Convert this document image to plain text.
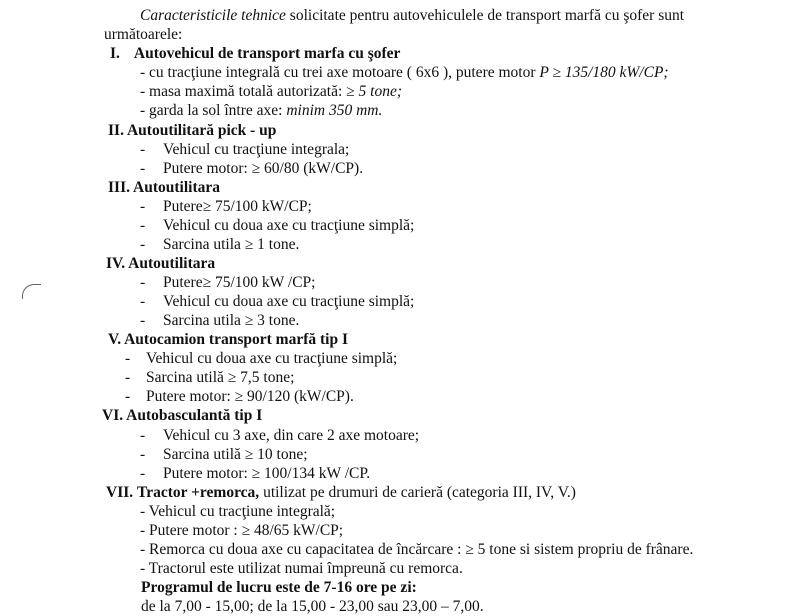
Caracteristicile tehnice solicitate pentru autovehiculele de transport marfă cu şofer sunt
următoarele:
I. Autovehicul de transport marfa cu şofer
- cu tracţiune integrală cu trei axe motoare ( 6x6 ), putere motor P ≥ 135/180 kW/CP;
- masa maximă totală autorizată: ≥ 5 tone;
- garda la sol între axe: minim 350 mm.
II. Autoutilitară pick - up
- Vehicul cu tracţiune integrala;
- Putere motor: ≥ 60/80 (kW/CP).
III. Autoutilitara
- Putere≥ 75/100 kW/CP;
- Vehicul cu doua axe cu tracţiune simplă;
- Sarcina utila ≥ 1 tone.
IV. Autoutilitara
- Putere≥ 75/100 kW /CP;
- Vehicul cu doua axe cu tracţiune simplă;
- Sarcina utila ≥ 3 tone.
V. Autocamion transport marfă tip I
- Vehicul cu doua axe cu tracţiune simplă;
- Sarcina utilă ≥ 7,5 tone;
- Putere motor: ≥ 90/120 (kW/CP).
VI. Autobasculantă tip I
- Vehicul cu 3 axe, din care 2 axe motoare;
- Sarcina utilă ≥ 10 tone;
- Putere motor: ≥ 100/134 kW /CP.
VII. Tractor +remorca, utilizat pe drumuri de carieră (categoria III, IV, V.)
- Vehicul cu tracţiune integrală;
- Putere motor : ≥ 48/65 kW/CP;
- Remorca cu doua axe cu capacitatea de încărcare : ≥ 5 tone si sistem propriu de frânare.
- Tractorul este utilizat numai împreună cu remorca.
Programul de lucru este de 7-16 ore pe zi:
de la 7,00 - 15,00; de la 15,00 - 23,00 sau 23,00 – 7,00.
